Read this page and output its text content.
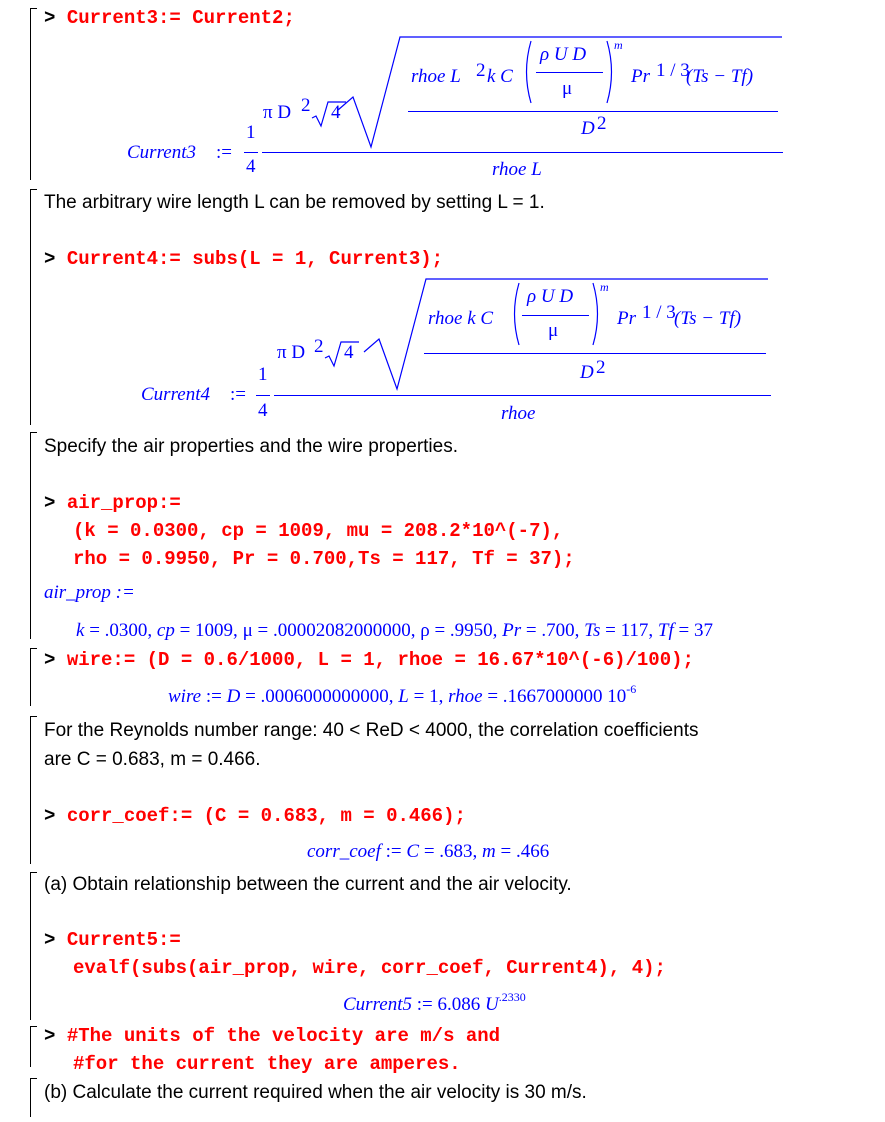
> Current3:= Current2;
Current3 :=
1
4
π D 2 4
rhoe L 2 k C
ρ U D
μ
m
Pr 1 / 3
(Ts − Tf)
D 2
rhoe L
The arbitrary wire length L can be removed by setting L = 1.
> Current4:= subs(L = 1, Current3);
Current4 :=
1
4
π D 2 4
rhoe k C
ρ U D
μ
m
Pr 1 / 3
(Ts − Tf)
D 2
rhoe
Specify the air properties and the wire properties.
> air_prop:=
(k = 0.0300, cp = 1009, mu = 208.2*10^(-7),
rho = 0.9950, Pr = 0.700,Ts = 117, Tf = 37);
air_prop :=
k = .0300, cp = 1009, μ = .00002082000000, ρ = .9950, Pr = .700, Ts = 117, Tf = 37
> wire:= (D = 0.6/1000, L = 1, rhoe = 16.67*10^(-6)/100);
wire := D = .0006000000000, L = 1, rhoe = .1667000000 $10^{-6}$
For the Reynolds number range: 40 < ReD < 4000, the correlation coefficients
are C = 0.683, m = 0.466.
> corr_coef:= (C = 0.683, m = 0.466);
corr_coef := C = .683, m = .466
(a) Obtain relationship between the current and the air velocity.
> Current5:=
evalf(subs(air_prop, wire, corr_coef, Current4), 4);
Current5 := 6.086 $U^{.2330}$
> #The units of the velocity are m/s and
#for the current they are amperes.
(b) Calculate the current required when the air velocity is 30 m/s.
